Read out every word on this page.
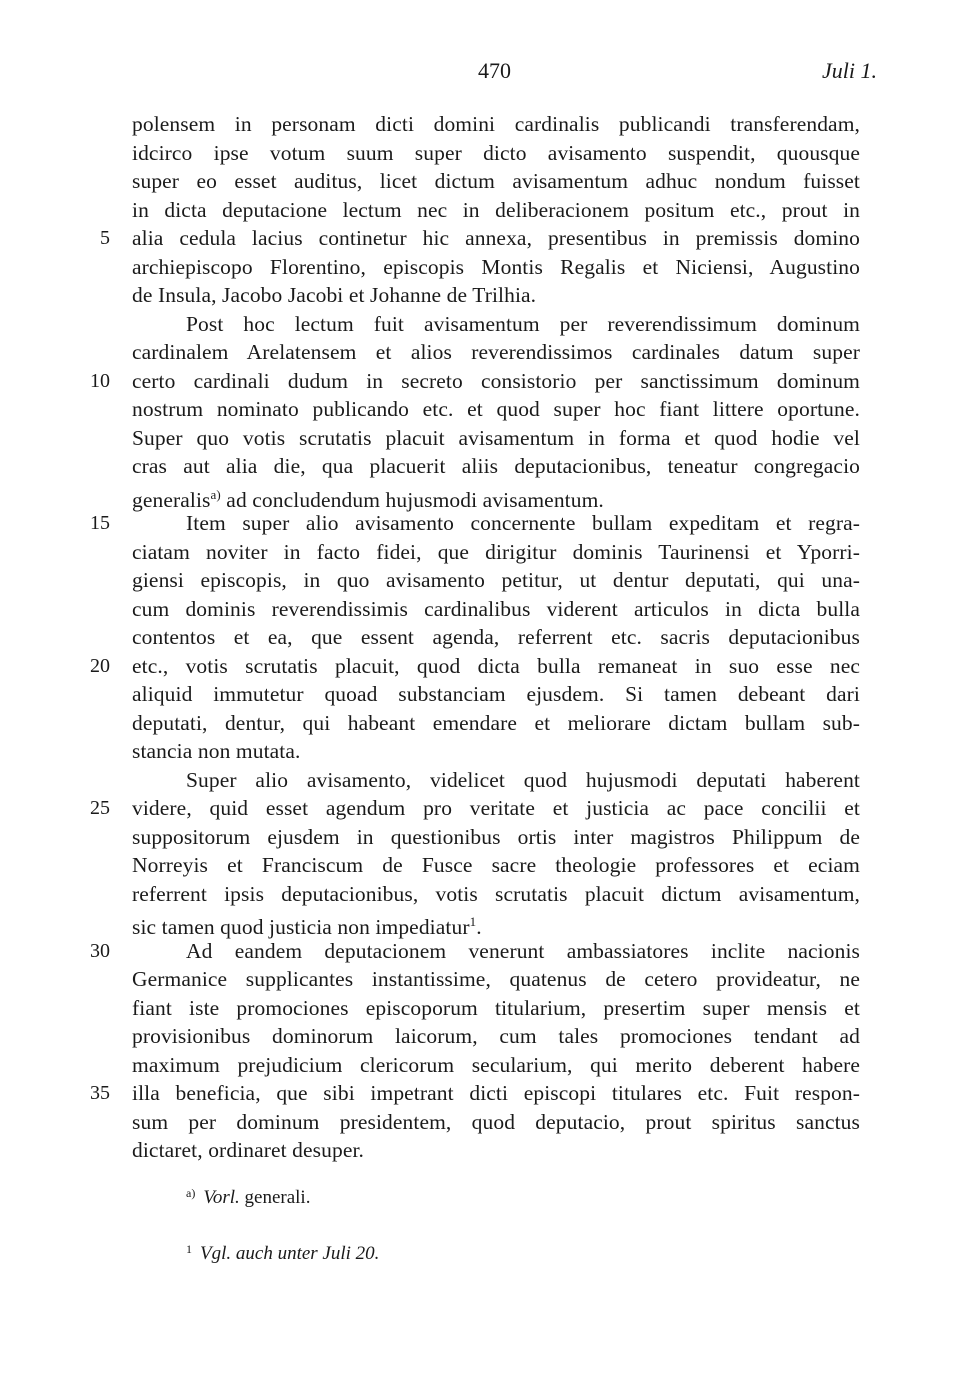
470	Juli 1.
polensem in personam dicti domini cardinalis publicandi transferendam,
idcirco ipse votum suum super dicto avisamento suspendit, quousque
super eo esset auditus, licet dictum avisamentum adhuc nondum fuisset
in dicta deputacione lectum nec in deliberacionem positum etc., prout in
5 alia cedula lacius continetur hic annexa, presentibus in premissis domino
archiepiscopo Florentino, episcopis Montis Regalis et Niciensi, Augustino
de Insula, Jacobo Jacobi et Johanne de Trilhia.
Post hoc lectum fuit avisamentum per reverendissimum dominum
cardinalem Arelatensem et alios reverendissimos cardinales datum super
10 certo cardinali dudum in secreto consistorio per sanctissimum dominum
nostrum nominato publicando etc. et quod super hoc fiant littere oportune.
Super quo votis scrutatis placuit avisamentum in forma et quod hodie vel
cras aut alia die, qua placuerit aliis deputacionibus, teneatur congregacio
generalis$^{a)}$ ad concludendum hujusmodi avisamentum.
15	Item super alio avisamento concernente bullam expeditam et regra-
ciatam noviter in facto fidei, que dirigitur dominis Taurinensi et Yporri-
giensi episcopis, in quo avisamento petitur, ut dentur deputati, qui una-
cum dominis reverendissimis cardinalibus viderent articulos in dicta bulla
contentos et ea, que essent agenda, referrent etc. sacris deputacionibus
20 etc., votis scrutatis placuit, quod dicta bulla remaneat in suo esse nec
aliquid immutetur quoad substanciam ejusdem. Si tamen debeant dari
deputati, dentur, qui habeant emendare et meliorare dictam bullam sub-
stancia non mutata.
Super alio avisamento, videlicet quod hujusmodi deputati haberent
25 videre, quid esset agendum pro veritate et justicia ac pace concilii et
suppositorum ejusdem in questionibus ortis inter magistros Philippum de
Norreyis et Franciscum de Fusce sacre theologie professores et eciam
referrent ipsis deputacionibus, votis scrutatis placuit dictum avisamentum,
sic tamen quod justicia non impediatur$^1$.
30	Ad eandem deputacionem venerunt ambassiatores inclite nacionis
Germanice supplicantes instantissime, quatenus de cetero provideatur, ne
fiant iste promociones episcoporum titularium, presertim super mensis et
provisionibus dominorum laicorum, cum tales promociones tendant ad
maximum prejudicium clericorum secularium, qui merito deberent habere
35 illa beneficia, que sibi impetrant dicti episcopi titulares etc. Fuit respon-
sum per dominum presidentem, quod deputacio, prout spiritus sanctus
dictaret, ordinaret desuper.
$^{a)}$ Vorl. generali.
$^1$ Vgl. auch unter Juli 20.
